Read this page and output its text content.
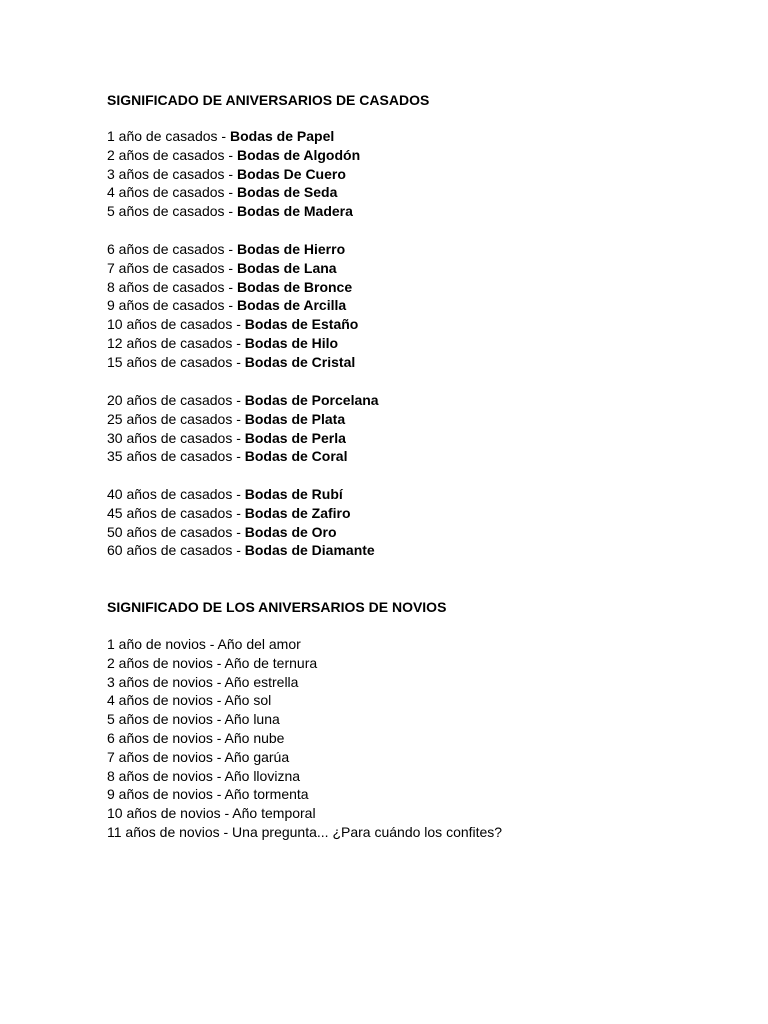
SIGNIFICADO DE ANIVERSARIOS DE CASADOS
1 año de casados - Bodas de Papel
2 años de casados - Bodas de Algodón
3 años de casados - Bodas De Cuero
4 años de casados - Bodas de Seda
5 años de casados - Bodas de Madera
6 años de casados - Bodas de Hierro
7 años de casados - Bodas de Lana
8 años de casados - Bodas de Bronce
9 años de casados - Bodas de Arcilla
10 años de casados - Bodas de Estaño
12 años de casados - Bodas de Hilo
15 años de casados - Bodas de Cristal
20 años de casados - Bodas de Porcelana
25 años de casados - Bodas de Plata
30 años de casados - Bodas de Perla
35 años de casados - Bodas de Coral
40 años de casados - Bodas de Rubí
45 años de casados - Bodas de Zafiro
50 años de casados - Bodas de Oro
60 años de casados - Bodas de Diamante
SIGNIFICADO DE LOS ANIVERSARIOS DE NOVIOS
1 año de novios - Año del amor
2 años de novios - Año de ternura
3 años de novios - Año estrella
4 años de novios - Año sol
5 años de novios - Año luna
6 años de novios - Año nube
7 años de novios - Año garúa
8 años de novios - Año llovizna
9 años de novios - Año tormenta
10 años de novios - Año temporal
11 años de novios - Una pregunta... ¿Para cuándo los confites?
